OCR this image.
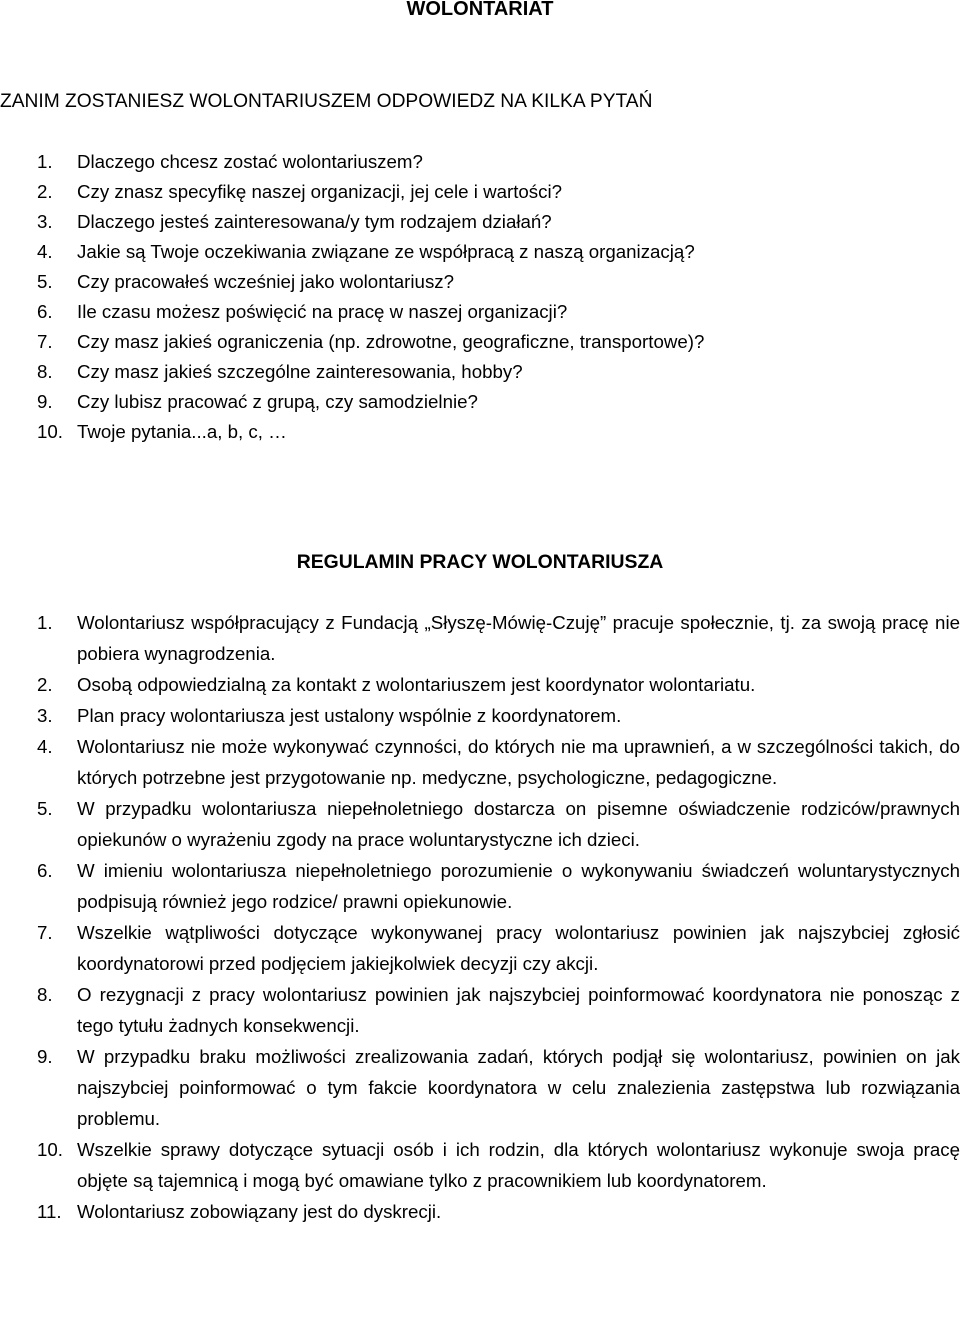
WOLONTARIAT
ZANIM ZOSTANIESZ WOLONTARIUSZEM ODPOWIEDZ NA KILKA PYTAŃ
1. Dlaczego chcesz zostać wolontariuszem?
2. Czy znasz specyfikę naszej organizacji, jej cele i wartości?
3. Dlaczego jesteś zainteresowana/y tym rodzajem działań?
4. Jakie są Twoje oczekiwania związane ze współpracą z naszą organizacją?
5. Czy pracowałeś wcześniej jako wolontariusz?
6. Ile czasu możesz poświęcić na pracę w naszej organizacji?
7. Czy masz jakieś ograniczenia (np. zdrowotne, geograficzne, transportowe)?
8. Czy masz jakieś szczególne zainteresowania, hobby?
9. Czy lubisz pracować z grupą, czy samodzielnie?
10. Twoje pytania...a, b, c, …
REGULAMIN PRACY WOLONTARIUSZA
1. Wolontariusz współpracujący z Fundacją „Słyszę-Mówię-Czuję” pracuje społecznie, tj. za swoją pracę nie pobiera wynagrodzenia.
2. Osobą odpowiedzialną za kontakt z wolontariuszem jest koordynator wolontariatu.
3. Plan pracy wolontariusza jest ustalony wspólnie z koordynatorem.
4. Wolontariusz nie może wykonywać czynności, do których nie ma uprawnień, a w szczególności takich, do których potrzebne jest przygotowanie np. medyczne, psychologiczne, pedagogiczne.
5. W przypadku wolontariusza niepełnoletniego dostarcza on pisemne oświadczenie rodziców/prawnych opiekunów o wyrażeniu zgody na prace woluntarystyczne ich dzieci.
6. W imieniu wolontariusza niepełnoletniego porozumienie o wykonywaniu świadczeń woluntarystycznych podpisują również jego rodzice/ prawni opiekunowie.
7. Wszelkie wątpliwości dotyczące wykonywanej pracy wolontariusz powinien jak najszybciej zgłosić koordynatorowi przed podjęciem jakiejkolwiek decyzji czy akcji.
8. O rezygnacji z pracy wolontariusz powinien jak najszybciej poinformować koordynatora nie ponosząc z tego tytułu żadnych konsekwencji.
9. W przypadku braku możliwości zrealizowania zadań, których podjął się wolontariusz, powinien on jak najszybciej poinformować o tym fakcie koordynatora w celu znalezienia zastępstwa lub rozwiązania problemu.
10. Wszelkie sprawy dotyczące sytuacji osób i ich rodzin, dla których wolontariusz wykonuje swoja pracę objęte są tajemnicą i mogą być omawiane tylko z pracownikiem lub koordynatorem.
11. Wolontariusz zobowiązany jest do dyskrecji.
